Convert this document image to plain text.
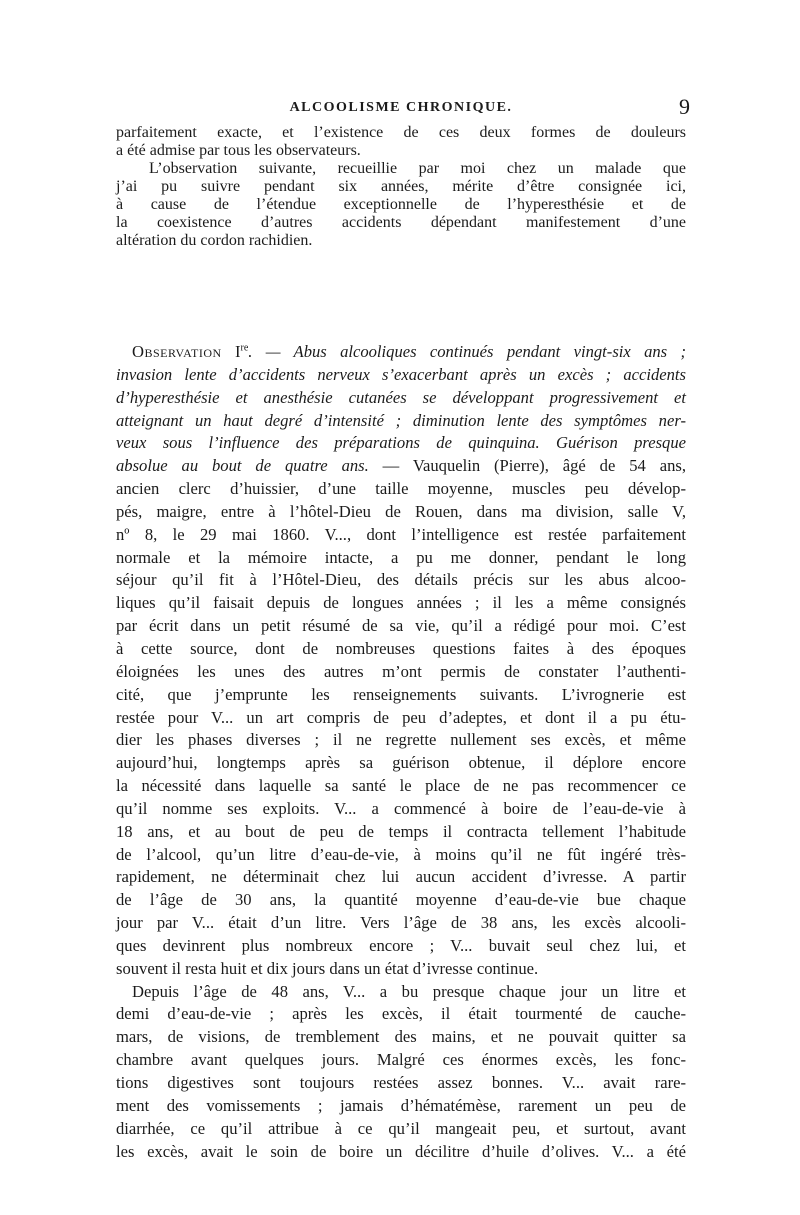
ALCOOLISME CHRONIQUE.	9
parfaitement exacte, et l’existence de ces deux formes de douleurs
a été admise par tous les observateurs.
L’observation suivante, recueillie par moi chez un malade que
j’ai pu suivre pendant six années, mérite d’être consignée ici,
à cause de l’étendue exceptionnelle de l’hyperesthésie et de
la coexistence d’autres accidents dépendant manifestement d’une
altération du cordon rachidien.
Observation Ire. — Abus alcooliques continués pendant vingt-six ans ;
invasion lente d’accidents nerveux s’exacerbant après un excès ; accidents
d’hyperesthésie et anesthésie cutanées se développant progressivement et
atteignant un haut degré d’intensité ; diminution lente des symptômes ner-
veux sous l’influence des préparations de quinquina. Guérison presque
absolue au bout de quatre ans. — Vauquelin (Pierre), âgé de 54 ans,
ancien clerc d’huissier, d’une taille moyenne, muscles peu dévelop-
pés, maigre, entre à l’hôtel-Dieu de Rouen, dans ma division, salle V,
nº 8, le 29 mai 1860. V..., dont l’intelligence est restée parfaitement
normale et la mémoire intacte, a pu me donner, pendant le long
séjour qu’il fit à l’Hôtel-Dieu, des détails précis sur les abus alcoo-
liques qu’il faisait depuis de longues années ; il les a même consignés
par écrit dans un petit résumé de sa vie, qu’il a rédigé pour moi. C’est
à cette source, dont de nombreuses questions faites à des époques
éloignées les unes des autres m’ont permis de constater l’authenti-
cité, que j’emprunte les renseignements suivants. L’ivrognerie est
restée pour V... un art compris de peu d’adeptes, et dont il a pu étu-
dier les phases diverses ; il ne regrette nullement ses excès, et même
aujourd’hui, longtemps après sa guérison obtenue, il déplore encore
la nécessité dans laquelle sa santé le place de ne pas recommencer ce
qu’il nomme ses exploits. V... a commencé à boire de l’eau-de-vie à
18 ans, et au bout de peu de temps il contracta tellement l’habitude
de l’alcool, qu’un litre d’eau-de-vie, à moins qu’il ne fût ingéré très-
rapidement, ne déterminait chez lui aucun accident d’ivresse. A partir
de l’âge de 30 ans, la quantité moyenne d’eau-de-vie bue chaque
jour par V... était d’un litre. Vers l’âge de 38 ans, les excès alcooli-
ques devinrent plus nombreux encore ; V... buvait seul chez lui, et
souvent il resta huit et dix jours dans un état d’ivresse continue.
Depuis l’âge de 48 ans, V... a bu presque chaque jour un litre et
demi d’eau-de-vie ; après les excès, il était tourmenté de cauche-
mars, de visions, de tremblement des mains, et ne pouvait quitter sa
chambre avant quelques jours. Malgré ces énormes excès, les fonc-
tions digestives sont toujours restées assez bonnes. V... avait rare-
ment des vomissements ; jamais d’hématémèse, rarement un peu de
diarrhée, ce qu’il attribue à ce qu’il mangeait peu, et surtout, avant
les excès, avait le soin de boire un décilitre d’huile d’olives. V... a été
